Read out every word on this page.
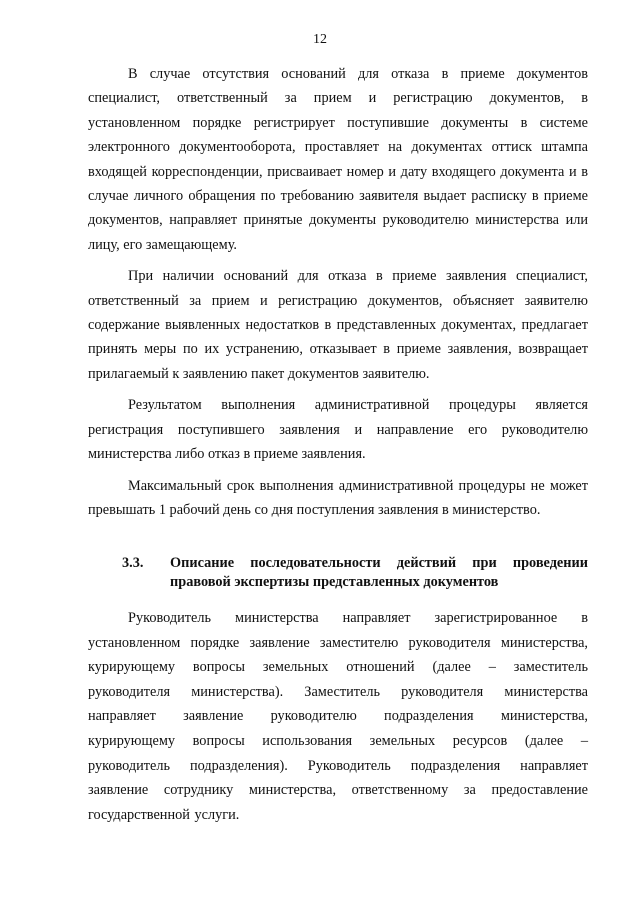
12

В случае отсутствия оснований для отказа в приеме документов специалист, ответственный за прием и регистрацию документов, в установленном порядке регистрирует поступившие документы в системе электронного документооборота, проставляет на документах оттиск штампа входящей корреспонденции, присваивает номер и дату входящего документа и в случае личного обращения по требованию заявителя выдает расписку в приеме документов, направляет принятые документы руководителю министерства или лицу, его замещающему.

При наличии оснований для отказа в приеме заявления специалист, ответственный за прием и регистрацию документов, объясняет заявителю содержание выявленных недостатков в представленных документах, предлагает принять меры по их устранению, отказывает в приеме заявления, возвращает прилагаемый к заявлению пакет документов заявителю.

Результатом выполнения административной процедуры является регистрация поступившего заявления и направление его руководителю министерства либо отказ в приеме заявления.

Максимальный срок выполнения административной процедуры не может превышать 1 рабочий день со дня поступления заявления в министерство.

3.3.	Описание последовательности действий при проведении правовой экспертизы представленных документов

Руководитель министерства направляет зарегистрированное в установленном порядке заявление заместителю руководителя министерства, курирующему вопросы земельных отношений (далее – заместитель руководителя министерства). Заместитель руководителя министерства направляет заявление руководителю подразделения министерства, курирующему вопросы использования земельных ресурсов (далее – руководитель подразделения). Руководитель подразделения направляет заявление сотруднику министерства, ответственному за предоставление государственной услуги.
